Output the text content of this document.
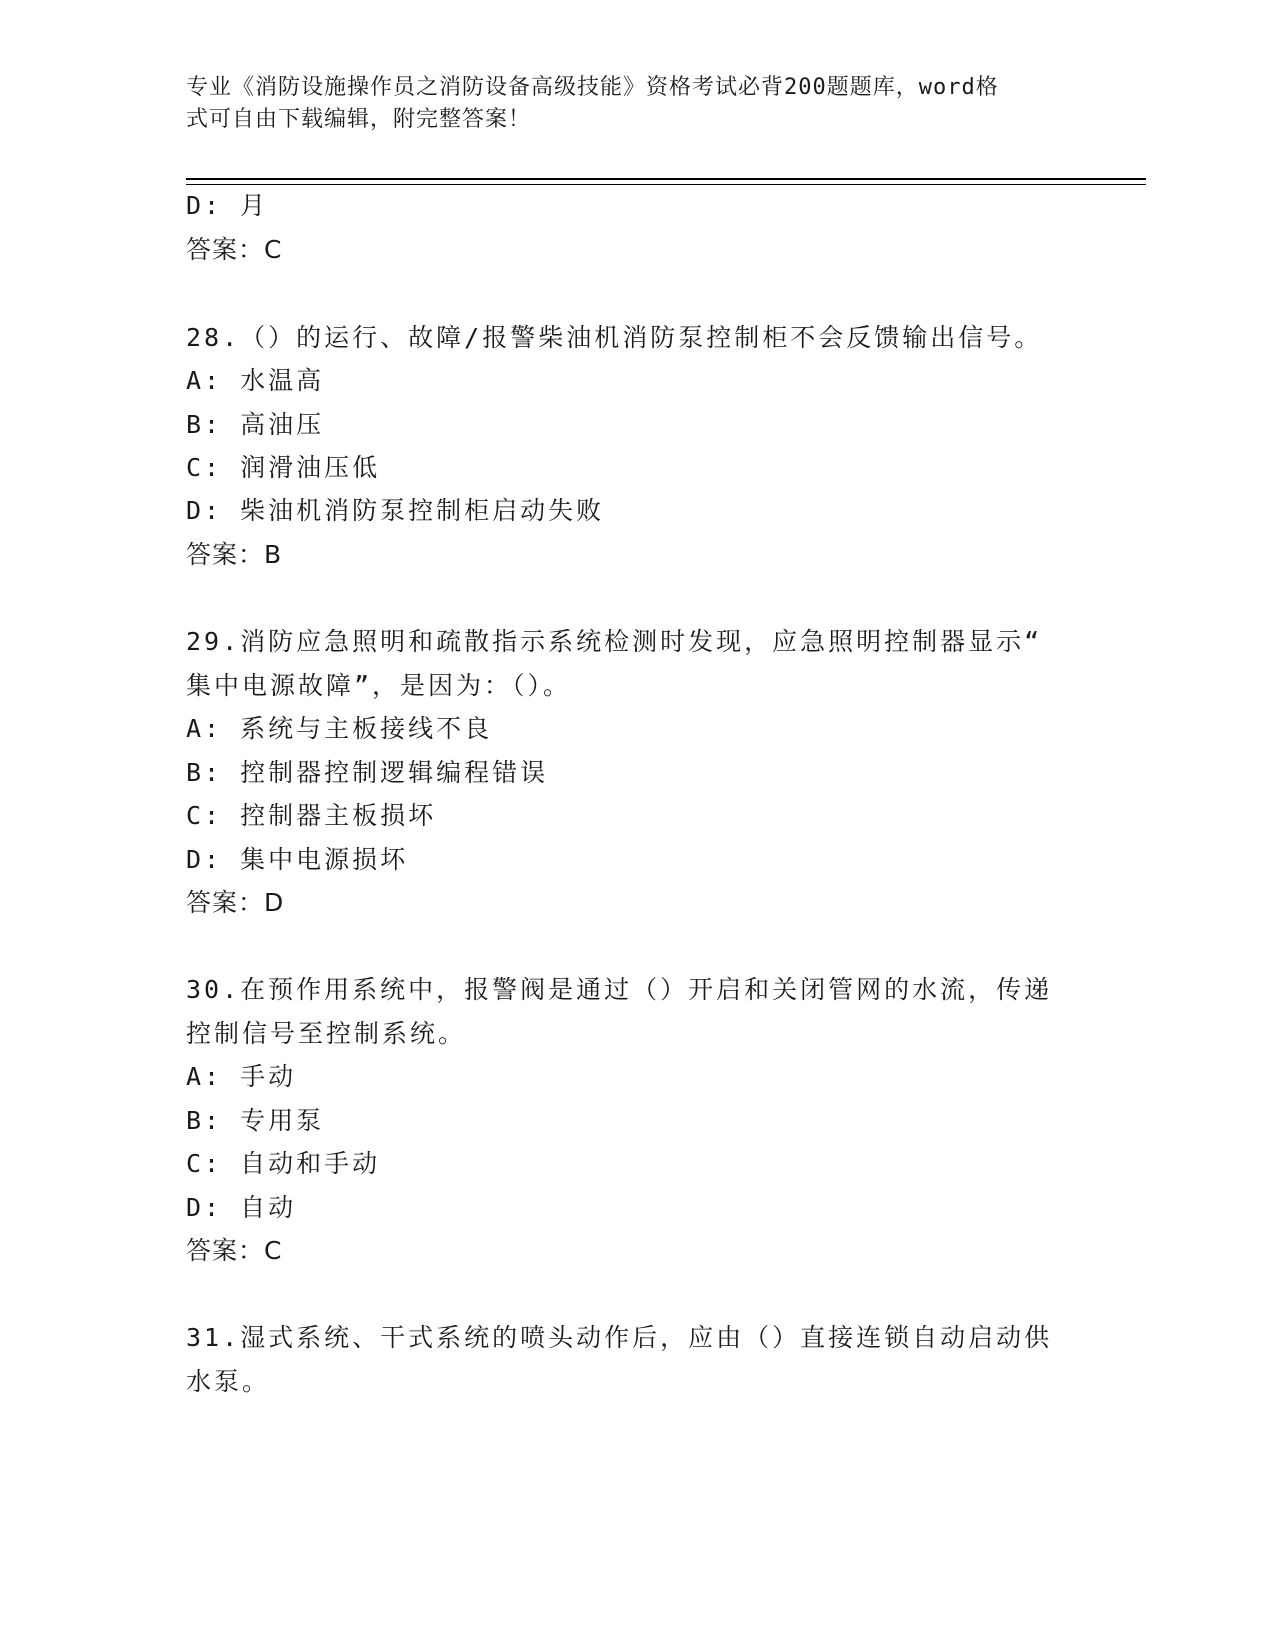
专业《消防设施操作员之消防设备高级技能》资格考试必背200题题库，word格
式可自由下载编辑，附完整答案！
D: 月
答案：C
28.（）的运行、故障/报警柴油机消防泵控制柜不会反馈输出信号。
A: 水温高
B: 高油压
C: 润滑油压低
D: 柴油机消防泵控制柜启动失败
答案：B
29.消防应急照明和疏散指示系统检测时发现，应急照明控制器显示“
集中电源故障”，是因为：（）。
A: 系统与主板接线不良
B: 控制器控制逻辑编程错误
C: 控制器主板损坏
D: 集中电源损坏
答案：D
30.在预作用系统中，报警阀是通过（）开启和关闭管网的水流，传递
控制信号至控制系统。
A: 手动
B: 专用泵
C: 自动和手动
D: 自动
答案：C
31.湿式系统、干式系统的喷头动作后，应由（）直接连锁自动启动供
水泵。
